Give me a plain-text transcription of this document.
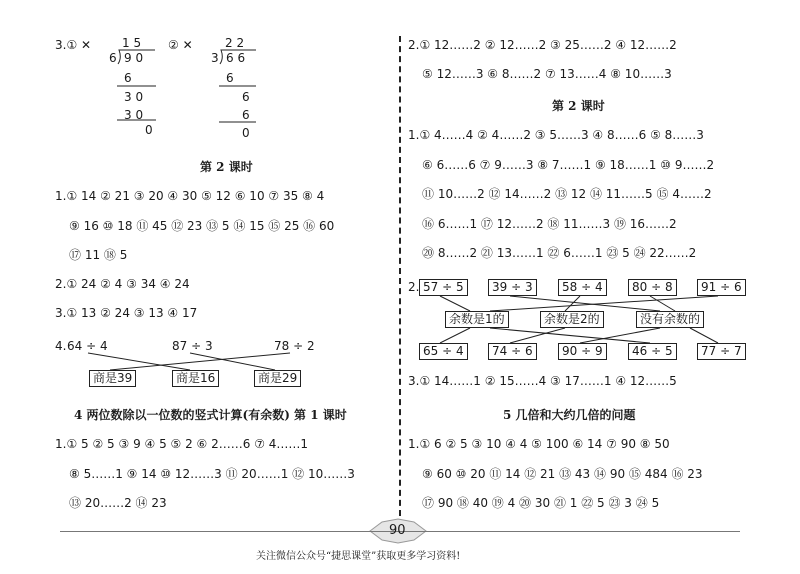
3.① ✕	② ✕
1 5
6 9 0
6
3 0
3 0
0
2 2
3 6 6
6
6
6
0
第 2 课时
1.① 14 ② 21 ③ 20 ④ 30 ⑤ 12 ⑥ 10 ⑦ 35 ⑧ 4
⑨ 16 ⑩ 18 ⑪ 45 ⑫ 23 ⑬ 5 ⑭ 15 ⑮ 25 ⑯ 60
⑰ 11 ⑱ 5
2.① 24 ② 4 ③ 34 ④ 24
3.① 13 ② 24 ③ 13 ④ 17
4. 64 ÷ 4	87 ÷ 3	78 ÷ 2
商是39	商是16	商是29
4 两位数除以一位数的竖式计算(有余数) 第 1 课时
1.① 5 ② 5 ③ 9 ④ 5 ⑤ 2 ⑥ 2……6 ⑦ 4……1
⑧ 5……1 ⑨ 14 ⑩ 12……3 ⑪ 20……1 ⑫ 10……3
⑬ 20……2 ⑭ 23
2.① 12……2 ② 12……2 ③ 25……2 ④ 12……2
⑤ 12……3 ⑥ 8……2 ⑦ 13……4 ⑧ 10……3
第 2 课时
1.① 4……4 ② 4……2 ③ 5……3 ④ 8……6 ⑤ 8……3
⑥ 6……6 ⑦ 9……3 ⑧ 7……1 ⑨ 18……1 ⑩ 9……2
⑪ 10……2 ⑫ 14……2 ⑬ 12 ⑭ 11……5 ⑮ 4……2
⑯ 6……1 ⑰ 12……2 ⑱ 11……3 ⑲ 16……2
⑳ 8……2 ㉑ 13……1 ㉒ 6……1 ㉓ 5 ㉔ 22……2
2. 57 ÷ 5	39 ÷ 3	58 ÷ 4	80 ÷ 8	91 ÷ 6
余数是1的	余数是2的	没有余数的
65 ÷ 4	74 ÷ 6	90 ÷ 9	46 ÷ 5	77 ÷ 7
3.① 14……1 ② 15……4 ③ 17……1 ④ 12……5
5 几倍和大约几倍的问题
1.① 6 ② 5 ③ 10 ④ 4 ⑤ 100 ⑥ 14 ⑦ 90 ⑧ 50
⑨ 60 ⑩ 20 ⑪ 14 ⑫ 21 ⑬ 43 ⑭ 90 ⑮ 484 ⑯ 23
⑰ 90 ⑱ 40 ⑲ 4 ⑳ 30 ㉑ 1 ㉒ 5 ㉓ 3 ㉔ 5
90
关注微信公众号“捷思课堂”获取更多学习资料!
